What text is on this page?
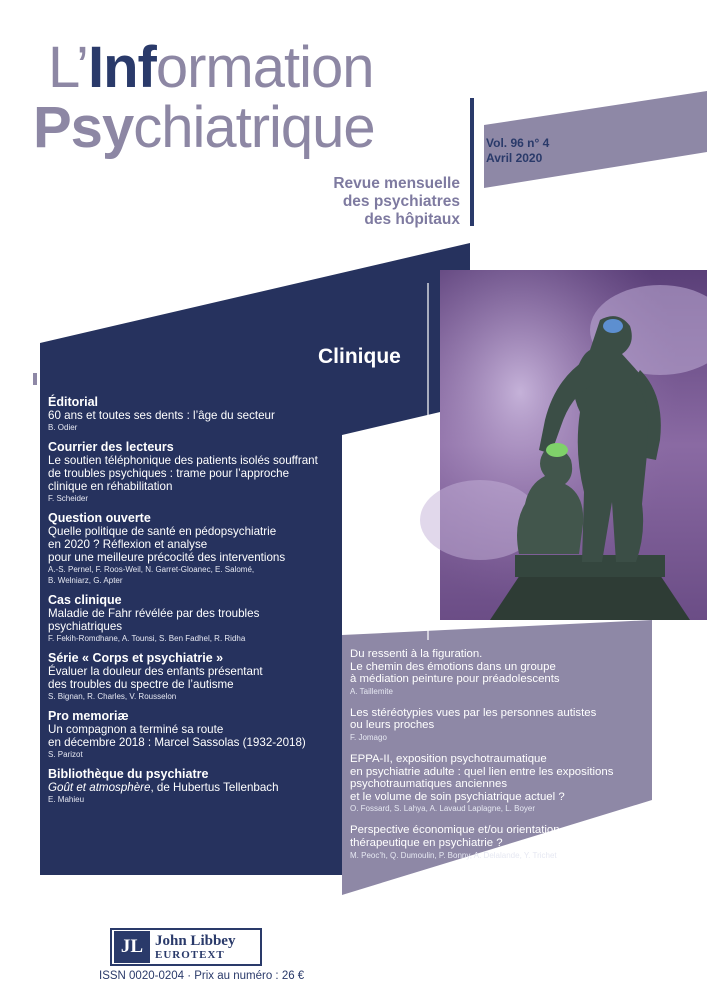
L’Information
Psychiatrique	Vol. 96 n° 4
Avril 2020
Revue mensuelle
des psychiatres
des hôpitaux
Clinique
Éditorial
60 ans et toutes ses dents : l’âge du secteur
B. Odier
Courrier des lecteurs
Le soutien téléphonique des patients isolés souffrant
de troubles psychiques : trame pour l’approche
clinique en réhabilitation
F. Scheider
Question ouverte
Quelle politique de santé en pédopsychiatrie
en 2020 ? Réflexion et analyse
pour une meilleure précocité des interventions
A.-S. Pernel, F. Roos-Weil, N. Garret-Gloanec, E. Salomé,
B. Welniarz, G. Apter
Cas clinique
Maladie de Fahr révélée par des troubles
psychiatriques
F. Fekih-Romdhane, A. Tounsi, S. Ben Fadhel, R. Ridha
Série « Corps et psychiatrie »
Évaluer la douleur des enfants présentant
des troubles du spectre de l’autisme
S. Bignan, R. Charles, V. Rousselon
Pro memoriæ
Un compagnon a terminé sa route
en décembre 2018 : Marcel Sassolas (1932-2018)
S. Parizot
Bibliothèque du psychiatre
Goût et atmosphère, de Hubertus Tellenbach
E. Mahieu
Du ressenti à la figuration.
Le chemin des émotions dans un groupe
à médiation peinture pour préadolescents
A. Taillemite
Les stéréotypies vues par les personnes autistes
ou leurs proches
F. Jomago
EPPA-II, exposition psychotraumatique
en psychiatrie adulte : quel lien entre les expositions
psychotraumatiques anciennes
et le volume de soin psychiatrique actuel ?
O. Fossard, S. Lahya, A. Lavaud Laplagne, L. Boyer
Perspective économique et/ou orientation
thérapeutique en psychiatrie ?
M. Peoc’h, Q. Dumoulin, P. Bonny, A. Delalande, Y. Trichet
JL John Libbey
EUROTEXT
ISSN 0020-0204 · Prix au numéro : 26 €
